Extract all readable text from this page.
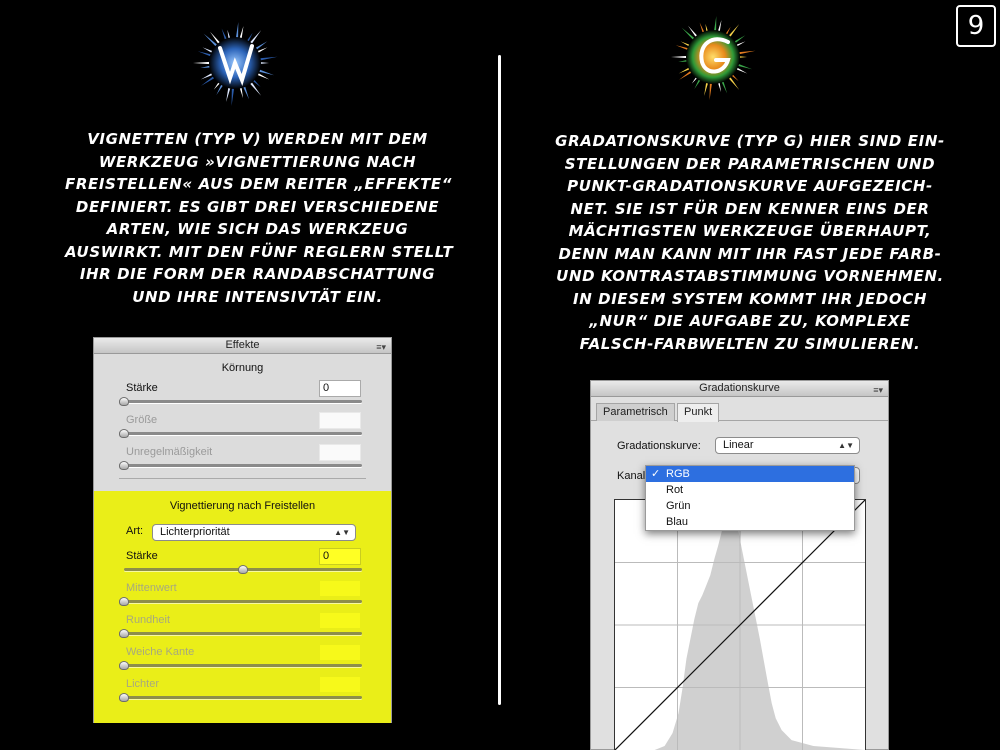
9

VIGNETTEN (TYP V) WERDEN MIT DEM

WERKZEUG »VIGNETTIERUNG NACH

FREISTELLEN« AUS DEM REITER „EFFEKTE“

DEFINIERT. ES GIBT DREI VERSCHIEDENE

ARTEN, WIE SICH DAS WERKZEUG

AUSWIRKT. MIT DEN FÜNF REGLERN STELLT

IHR DIE FORM DER RANDABSCHATTUNG

UND IHRE INTENSIVTÄT EIN.

GRADATIONSKURVE (TYP G) HIER SIND EIN-

STELLUNGEN DER PARAMETRISCHEN UND

PUNKT-GRADATIONSKURVE AUFGEZEICH-

NET. SIE IST FÜR DEN KENNER EINS DER

MÄCHTIGSTEN WERKZEUGE ÜBERHAUPT,

DENN MAN KANN MIT IHR FAST JEDE FARB-

UND KONTRASTABSTIMMUNG VORNEHMEN.

IN DIESEM SYSTEM KOMMT IHR JEDOCH

„NUR“ DIE AUFGABE ZU, KOMPLEXE

FALSCH-FARBWELTEN ZU SIMULIEREN.

Effekte	≡▾
Körnung
Stärke	0
Größe
Unregelmäßigkeit
Vignettierung nach Freistellen
Art:	Lichterpriorität	▲▼
Stärke	0
Mittenwert
Rundheit
Weiche Kante
Lichter
Gradationskurve	≡▾
Parametrisch	Punkt
Gradationskurve:	Linear	▲▼
Kanal ✓ RGB
Rot
Grün
Blau
